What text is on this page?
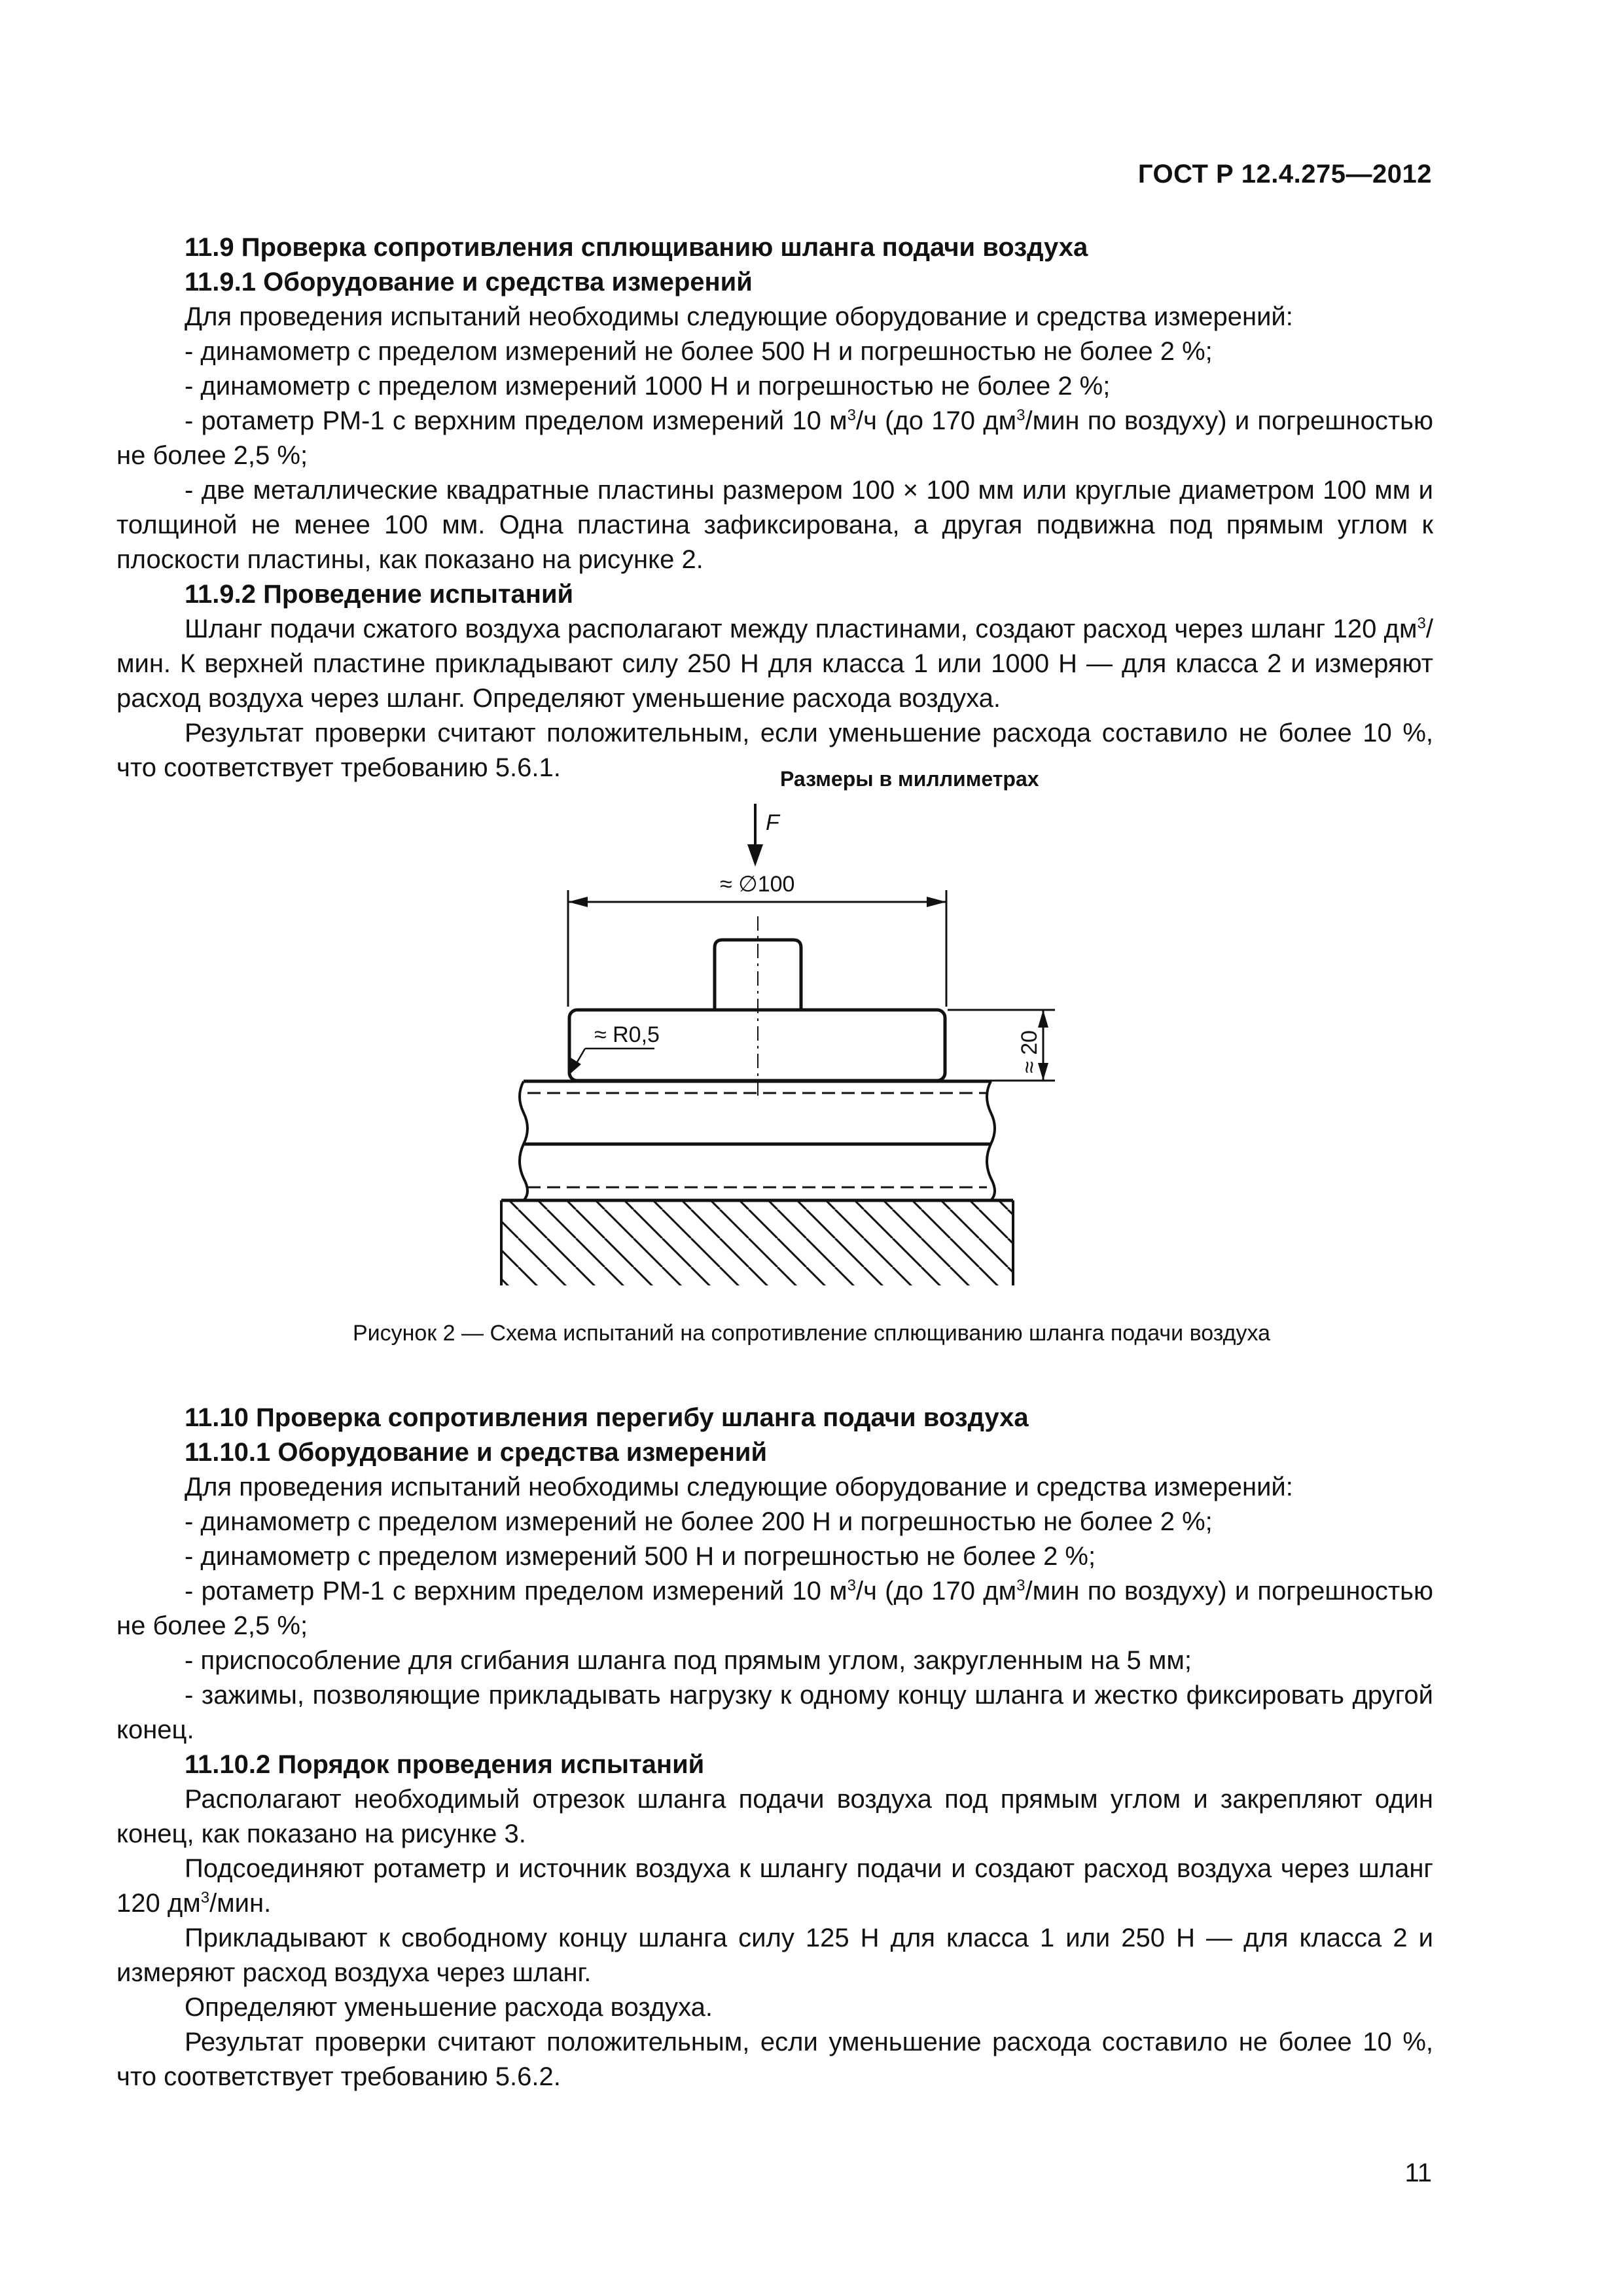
ГОСТ Р 12.4.275—2012

11.9 Проверка сопротивления сплющиванию шланга подачи воздуха

11.9.1 Оборудование и средства измерений

Для проведения испытаний необходимы следующие оборудование и средства измерений:

- динамометр с пределом измерений не более 500 Н и погрешностью не более 2 %;

- динамометр с пределом измерений 1000 Н и погрешностью не более 2 %;

- ротаметр РМ-1 с верхним пределом измерений 10 $м^3/ч$ (до 170 $дм^3$/мин по воздуху) и погрешностью не более 2,5 %;

- две металлические квадратные пластины размером 100 × 100 мм или круглые диаметром 100 мм и толщиной не менее 100 мм. Одна пластина зафиксирована, а другая подвижна под прямым углом к плоскости пластины, как показано на рисунке 2.

11.9.2 Проведение испытаний

Шланг подачи сжатого воздуха располагают между пластинами, создают расход через шланг 120 $дм^3$/мин. К верхней пластине прикладывают силу 250 Н для класса 1 или 1000 Н — для класса 2 и измеряют расход воздуха через шланг. Определяют уменьшение расхода воздуха.

Результат проверки считают положительным, если уменьшение расхода составило не более 10 %, что соответствует требованию 5.6.1.	Размеры в миллиметрах
F
≈ ∅100
≈ R0,5	≈ 20
Рисунок 2 — Схема испытаний на сопротивление сплющиванию шланга подачи воздуха

11.10 Проверка сопротивления перегибу шланга подачи воздуха

11.10.1 Оборудование и средства измерений

Для проведения испытаний необходимы следующие оборудование и средства измерений:

- динамометр с пределом измерений не более 200 Н и погрешностью не более 2 %;

- динамометр с пределом измерений 500 Н и погрешностью не более 2 %;

- ротаметр РМ-1 с верхним пределом измерений 10 $м^3/ч$ (до 170 $дм^3$/мин по воздуху) и погрешностью не более 2,5 %;

- приспособление для сгибания шланга под прямым углом, закругленным на 5 мм;

- зажимы, позволяющие прикладывать нагрузку к одному концу шланга и жестко фиксировать другой конец.

11.10.2 Порядок проведения испытаний

Располагают необходимый отрезок шланга подачи воздуха под прямым углом и закрепляют один конец, как показано на рисунке 3.

Подсоединяют ротаметр и источник воздуха к шлангу подачи и создают расход воздуха через шланг 120 $дм^3$/мин.

Прикладывают к свободному концу шланга силу 125 Н для класса 1 или 250 Н — для класса 2 и измеряют расход воздуха через шланг.

Определяют уменьшение расхода воздуха.

Результат проверки считают положительным, если уменьшение расхода составило не более 10 %, что соответствует требованию 5.6.2.

11
